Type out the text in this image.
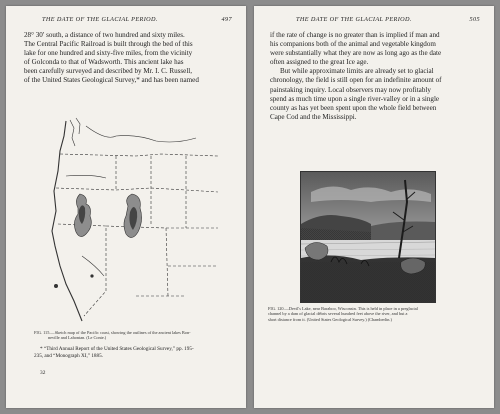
THE DATE OF THE GLACIAL PERIOD.	497

28° 30′ south, a distance of two hundred and sixty miles.

The Central Pacific Railroad is built through the bed of this

lake for one hundred and sixty-five miles, from the vicinity

of Golconda to that of Wadsworth. This ancient lake has

been carefully surveyed and described by Mr. I. C. Russell,

of the United States Geological Survey,* and has been named

FIG. 115.—Sketch map of the Pacific coast, showing the outlines of the ancient lakes Bon-
neville and Lahontan. (Le Conte.)
* “Third Annual Report of the United States Geological Survey,” pp. 195-
235, and “Monograph XI,” 1885.
32
THE DATE OF THE GLACIAL PERIOD.	505

if the rate of change is no greater than is implied if man and

his companions both of the animal and vegetable kingdom

were substantially what they are now as long ago as the date

often assigned to the great Ice age.

But while approximate limits are already set to glacial

chronology, the field is still open for an indefinite amount of

painstaking inquiry. Local observers may now profitably

spend as much time upon a single river-valley or in a single

county as has yet been spent upon the whole field between

Cape Cod and the Mississippi.

FIG. 120.—Devil's Lake, near Baraboo, Wisconsin. This is held in place in a preglacial
channel by a dam of glacial débris several hundred feet above the river, and but a
short distance from it. (United States Geological Survey.) (Chamberlin.)
